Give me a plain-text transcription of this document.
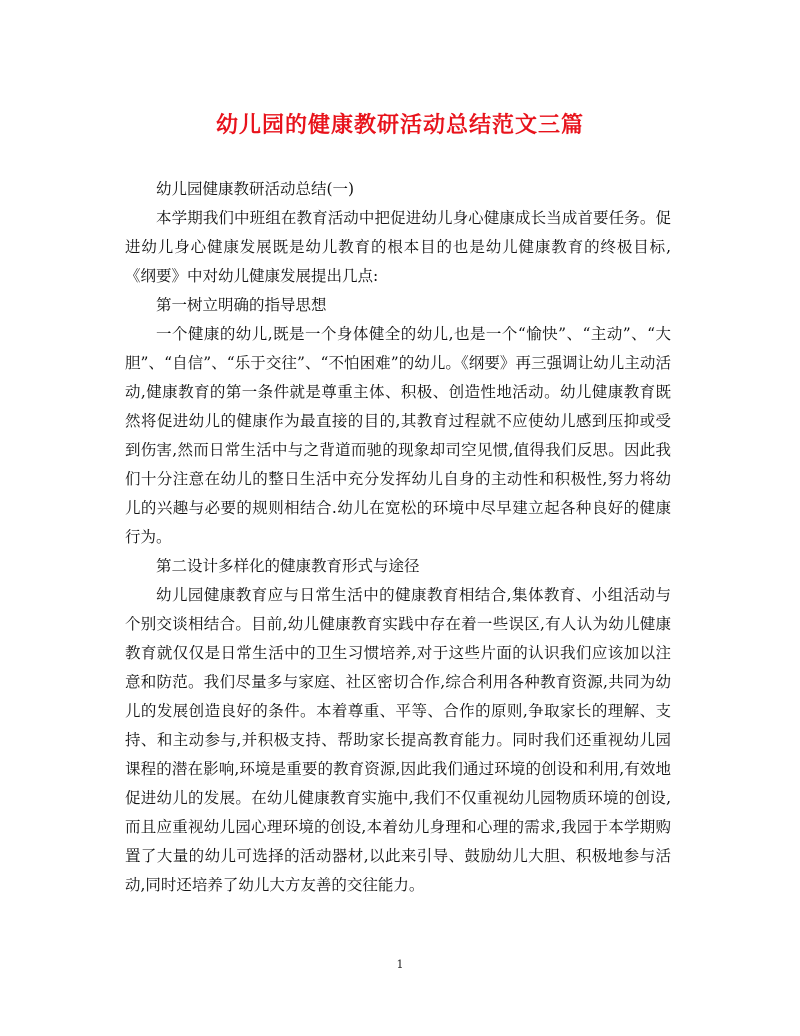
幼儿园的健康教研活动总结范文三篇

幼儿园健康教研活动总结(一)

本学期我们中班组在教育活动中把促进幼儿身心健康成长当成首要任务。促进幼儿身心健康发展既是幼儿教育的根本目的也是幼儿健康教育的终极目标,《纲要》中对幼儿健康发展提出几点:

第一树立明确的指导思想

一个健康的幼儿,既是一个身体健全的幼儿,也是一个“愉快”、“主动”、“大胆”、“自信”、“乐于交往”、“不怕困难”的幼儿。《纲要》再三强调让幼儿主动活动,健康教育的第一条件就是尊重主体、积极、创造性地活动。幼儿健康教育既然将促进幼儿的健康作为最直接的目的,其教育过程就不应使幼儿感到压抑或受到伤害,然而日常生活中与之背道而驰的现象却司空见惯,值得我们反思。因此我们十分注意在幼儿的整日生活中充分发挥幼儿自身的主动性和积极性,努力将幼儿的兴趣与必要的规则相结合.幼儿在宽松的环境中尽早建立起各种良好的健康行为。

第二设计多样化的健康教育形式与途径

幼儿园健康教育应与日常生活中的健康教育相结合,集体教育、小组活动与个别交谈相结合。目前,幼儿健康教育实践中存在着一些误区,有人认为幼儿健康教育就仅仅是日常生活中的卫生习惯培养,对于这些片面的认识我们应该加以注意和防范。我们尽量多与家庭、社区密切合作,综合利用各种教育资源,共同为幼儿的发展创造良好的条件。本着尊重、平等、合作的原则,争取家长的理解、支持、和主动参与,并积极支持、帮助家长提高教育能力。同时我们还重视幼儿园课程的潜在影响,环境是重要的教育资源,因此我们通过环境的创设和利用,有效地促进幼儿的发展。在幼儿健康教育实施中,我们不仅重视幼儿园物质环境的创设,而且应重视幼儿园心理环境的创设,本着幼儿身理和心理的需求,我园于本学期购置了大量的幼儿可选择的活动器材,以此来引导、鼓励幼儿大胆、积极地参与活动,同时还培养了幼儿大方友善的交往能力。

1
